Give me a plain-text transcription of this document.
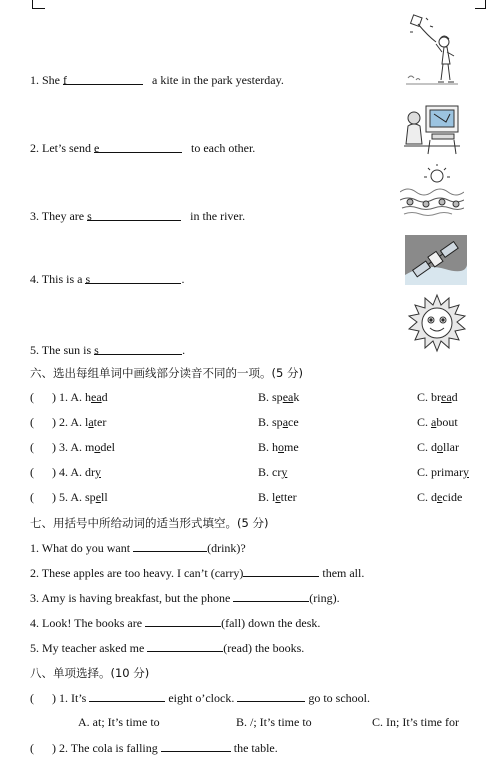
1. She f	a kite in the park yesterday.
2. Let’s send e	to each other.
3. They are s	in the river.
4. This is a s	.
5. The sun is s	.
六、选出每组单词中画线部分读音不同的一项。(5 分)
(      ) 1. A. head	B. speak	C. bread
(      ) 2. A. later	B. space	C. about
(      ) 3. A. model	B. home	C. dollar
(      ) 4. A. dry	B. cry	C. primary
(      ) 5. A. spell	B. letter	C. decide
七、用括号中所给动词的适当形式填空。(5 分)
1. What do you want	(drink)?
2. These apples are too heavy. I can’t (carry)	them all.
3. Amy is having breakfast, but the phone	(ring).
4. Look! The books are	(fall) down the desk.
5. My teacher asked me	(read) the books.
八、单项选择。(10 分)
(      ) 1. It’s	eight o’clock.	go to school.
A. at; It’s time to	B. /; It’s time to	C. In; It’s time for
(      ) 2. The cola is falling	the table.
